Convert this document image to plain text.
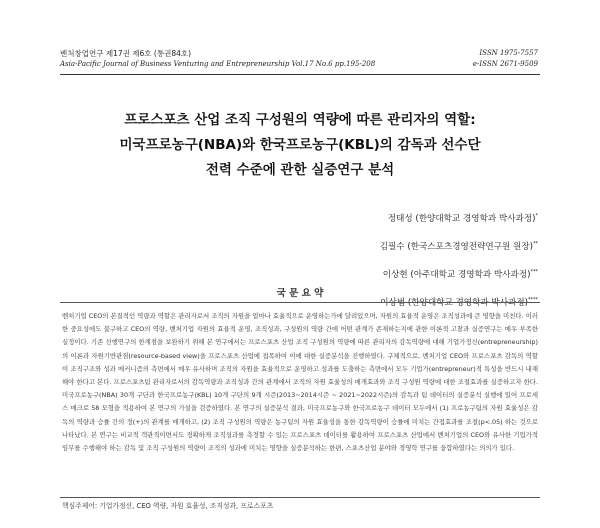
벤처창업연구 제17권 제6호 (통권84호)
Asia-Pacific Journal of Business Venturing and Entrepreneurship Vol.17 No.6 pp.195-208
ISSN 1975-7557
e-ISSN 2671-9509
프로스포츠 산업 조직 구성원의 역량에 따른 관리자의 역할:
미국프로농구(NBA)와 한국프로농구(KBL)의 감독과 선수단
전력 수준에 관한 실증연구 분석
정태성 (한양대학교 경영학과 박사과정)*
김필수 (한국스포츠경영전략연구원 원장)**
이상현 (아주대학교 경영학과 박사과정)***
이상범 (한양대학교 경영학과 박사과정)****
국 문 요 약
벤처기업 CEO의 본질적인 역량과 역할은 관리자로서 조직의 자원을 얼마나 효율적으로 운영하는가에 달려있으며, 자원의 효율적 운영은 조직성과에 큰 영향을 미친다. 이러한 중요성에도 불구하고 CEO의 역량, 벤처기업 자원의 효율적 운영, 조직성과, 구성원의 역량 간에 어떤 관계가 존재하는지에 관한 이론적 고찰과 실증연구는 매우 부족한 실정이다. 기존 선행연구의 한계점을 보완하기 위해 본 연구에서는 프로스포츠 산업 조직 구성원의 역량에 따른 관리자의 감독역량에 대해 기업가정신(entrepreneurship)의 이론과 자원기반관점(resource-based view)을 프로스포츠 산업에 접목하여 이에 대한 실증분석을 진행하였다. 구체적으로, 벤처기업 CEO와 프로스포츠 감독의 역할이 조직구조와 성과 메커니즘의 측면에서 매우 유사하며 조직의 자원을 효율적으로 운영하고 성과를 도출하는 측면에서 모두 기업가(entrepreneur)적 특성을 반드시 내재해야 한다고 본다. 프로스포츠팀 관리자로서의 감독역량과 조직성과 간의 관계에서 조직의 자원 효율성의 매개효과와 조직 구성원 역량에 대한 조절효과를 실증하고자 한다. 미국프로농구(NBA) 30개 구단과 한국프로농구(KBL) 10개 구단의 9개 시즌(2013~2014시즌 ~ 2021~2022시즌)의 감독과 팀 데이터의 실증분석 실행에 있어 프로세스 매크로 58 모형을 적용하여 본 연구의 가설을 검증하였다. 본 연구의 실증분석 결과, 미국프로농구와 한국프로농구 데이터 모두에서 (1) 프로농구팀의 자원 효율성은 감독의 역량과 승률 간의 정(+)의 관계를 매개하고, (2) 조직 구성원의 역량은 농구팀의 자원 효율성을 통한 감독역량이 승률에 미치는 간접효과를 조절(p<.05) 하는 것으로 나타났다. 본 연구는 비교적 객관적이면서도 정확하게 조직성과를 측정할 수 있는 프로스포츠 데이터를 활용하여 프로스포츠 산업에서 벤처기업의 CEO와 유사한 기업가적 임무를 수행해야 하는 감독 및 조직 구성원의 역량이 조직의 성과에 미치는 영향을 실증분석하는 한편, 스포츠산업 분야와 경영학 연구를 융합하였다는 의의가 있다.
핵심주제어: 기업가정신, CEO 역량, 자원 효율성, 조직성과, 프로스포츠
